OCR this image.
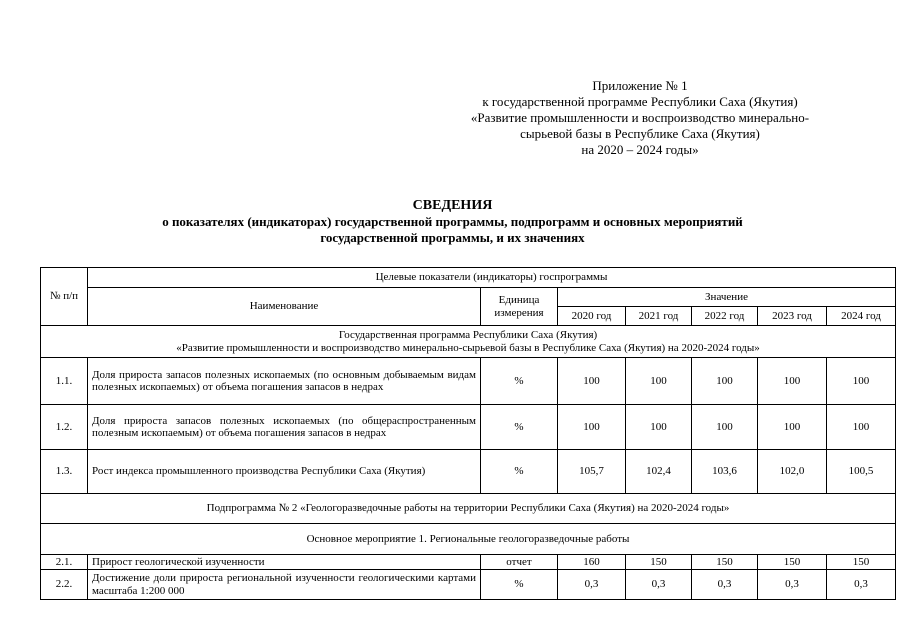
Приложение № 1
к государственной программе Республики Саха (Якутия)
«Развитие промышленности и воспроизводство минерально-
сырьевой базы в Республике Саха (Якутия)
на 2020 – 2024 годы»
СВЕДЕНИЯ
о показателях (индикаторах) государственной программы, подпрограмм и основных мероприятий
государственной программы, и их значениях
№ п/п	Целевые показатели (индикаторы) госпрограммы						
	Наименование	Единица измерения	Значение				
			2020 год	2021 год	2022 год	2023 год	2024 год

Государственная программа Республики Саха (Якутия)
«Развитие промышленности и воспроизводство минерально-сырьевой базы в Республике Саха (Якутия) на 2020-2024 годы»							

1.1.	Доля прироста запасов полезных ископаемых (по основным добываемым видам полезных ископаемых) от объема погашения запасов в недрах	%	100	100	100	100	100
1.2.	Доля прироста запасов полезных ископаемых (по общераспространенным полезным ископаемым) от объема погашения запасов в недрах	%	100	100	100	100	100
1.3.	Рост индекса промышленного производства Республики Саха (Якутия)	%	105,7	102,4	103,6	102,0	100,5
Подпрограмма № 2 «Геологоразведочные работы на территории Республики Саха (Якутия) на 2020-2024 годы»							
Основное мероприятие 1. Региональные геологоразведочные работы							
2.1.	Прирост геологической изученности	отчет	160	150	150	150	150
2.2.	Достижение доли прироста региональной изученности геологическими картами масштаба 1:200 000	%	0,3	0,3	0,3	0,3	0,3
